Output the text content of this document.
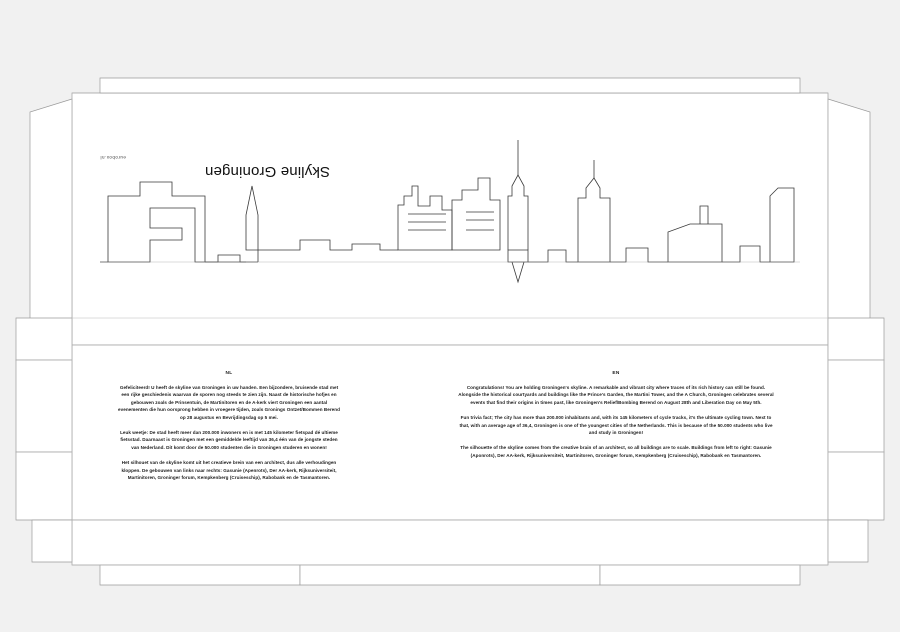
Skyline Groningen
eurobox.nl
NL

Gefeliciteerd! U heeft de skyline van Groningen in uw handen. Een bijzondere, bruisende stad met een rijke geschiedenis waarvan de sporen nog steeds te zien zijn. Naast de historische hofjes en gebouwen zoals de Prinsentuin, de Martinitoren en de A-kerk viert Groningen een aantal evenementen die hun oorsprong hebben in vroegere tijden, zoals Gronings Ontzet/Bommen Berend op 28 augustus en Bevrijdingsdag op 5 mei.

Leuk weetje: De stad heeft meer dan 200.000 inwoners en is met 145 kilometer fietspad dé ultieme fietsstad. Daarnaast is Groningen met een gemiddelde leeftijd van 36,4 één van de jongste steden van Nederland. Dit komt door de 50.000 studenten die in Groningen studeren en wonen!

Het silhouet van de skyline komt uit het creatieve brein van een architect, dus alle verhoudingen kloppen. De gebouwen van links naar rechts: Gasunie (Apenrots), Der AA-kerk, Rijksuniversiteit, Martinitoren, Groninger forum, Kempkenberg (Cruiseschip), Rabobank en de Tasmantoren.

EN

Congratulations! You are holding Groningen's skyline. A remarkable and vibrant city where traces of its rich history can still be found. Alongside the historical courtyards and buildings like the Prince's Garden, the Martini Tower, and the A Church, Groningen celebrates several events that find their origins in times past, like Groningen's Relief/Bombing Berend on August 28th and Liberation Day on May 5th.

Fun trivia fact; The city has more than 200.000 inhabitants and, with its 145 kilometers of cycle tracks, it's the ultimate cycling town. Next to that, with an average age of 36,4, Groningen is one of the youngest cities of the Netherlands. This is because of the 50.000 students who live and study in Groningen!

The silhouette of the skyline comes from the creative brain of an architect, so all buildings are to scale. Buildings from left to right: Gasunie (Aponrots), Der AA-kerk, Rijksuniversiteit, Martinitoren, Groninger forum, Kempkenberg (Cruiseschip), Rabobank en Tasmantoren.
